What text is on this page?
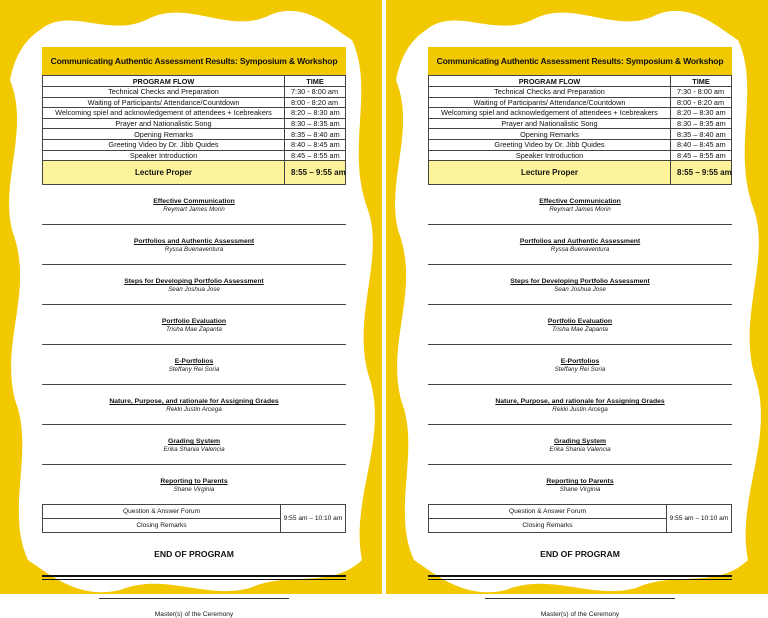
Communicating Authentic Assessment Results: Symposium & Workshop
PROGRAM FLOW	TIME
Technical Checks and Preparation	7:30 - 8:00 am
Waiting of Participants/ Attendance/Countdown	8:00 - 8:20 am
Welcoming spiel and acknowledgement of attendees + Icebreakers	8:20 – 8:30 am
Prayer and Nationalistic Song	8:30 – 8:35 am
Opening Remarks	8:35 – 8:40 am
Greeting Video by Dr. Jibb Quides	8:40 – 8:45 am
Speaker Introduction	8:45 – 8:55 am
Lecture Proper	8:55 – 9:55 am
Effective Communication
Reymart James Morin
Portfolios and Authentic Assessment
Ryssa Buenaventura
Steps for Developing Portfolio Assessment
Sean Joshua Jose
Portfolio Evaluation
Trisha Mae Zapanta
E-Portfolios
Steffany Rei Soria
Nature, Purpose, and rationale for Assigning Grades
Rekki Justin Arcega
Grading System
Erika Shania Valencia
Reporting to Parents
Shane Virginia
Question & Answer Forum	9:55 am – 10:10 am
Closing Remarks
END OF PROGRAM
Master(s) of the Ceremony
Communicating Authentic Assessment Results: Symposium & Workshop
PROGRAM FLOW	TIME
Technical Checks and Preparation	7:30 - 8:00 am
Waiting of Participants/ Attendance/Countdown	8:00 - 8:20 am
Welcoming spiel and acknowledgement of attendees + Icebreakers	8:20 – 8:30 am
Prayer and Nationalistic Song	8:30 – 8:35 am
Opening Remarks	8:35 – 8:40 am
Greeting Video by Dr. Jibb Quides	8:40 – 8:45 am
Speaker Introduction	8:45 – 8:55 am
Lecture Proper	8:55 – 9:55 am
Effective Communication
Reymart James Morin
Portfolios and Authentic Assessment
Ryssa Buenaventura
Steps for Developing Portfolio Assessment
Sean Joshua Jose
Portfolio Evaluation
Trisha Mae Zapanta
E-Portfolios
Steffany Rei Soria
Nature, Purpose, and rationale for Assigning Grades
Rekki Justin Arcega
Grading System
Erika Shania Valencia
Reporting to Parents
Shane Virginia
Question & Answer Forum	9:55 am – 10:10 am
Closing Remarks
END OF PROGRAM
Master(s) of the Ceremony
